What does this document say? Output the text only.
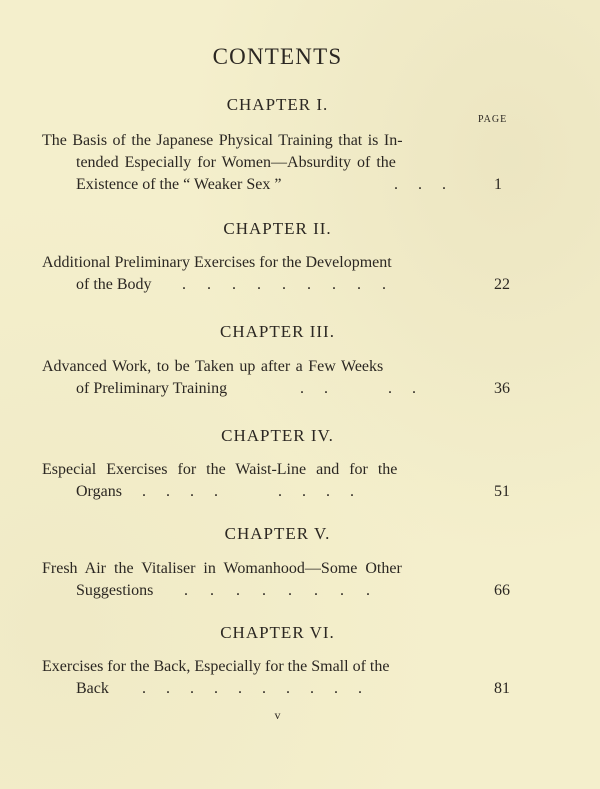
CONTENTS
PAGE
CHAPTER I.
The Basis of the Japanese Physical Training that is In-
tended Especially for Women—Absurdity of the
Existence of the “ Weaker Sex ”	. . .	1
CHAPTER II.
Additional Preliminary Exercises for the Development
of the Body . . . . . . . . .	22
CHAPTER III.
Advanced Work, to be Taken up after a Few Weeks
of Preliminary Training	. .   . .	36
CHAPTER IV.
Especial Exercises for the Waist-Line and for the
Organs . . . .   . . . .	51
CHAPTER V.
Fresh Air the Vitaliser in Womanhood—Some Other
Suggestions . . . . . . . .	66
CHAPTER VI.
Exercises for the Back, Especially for the Small of the
Back . . . . . . . . . .	81
v
